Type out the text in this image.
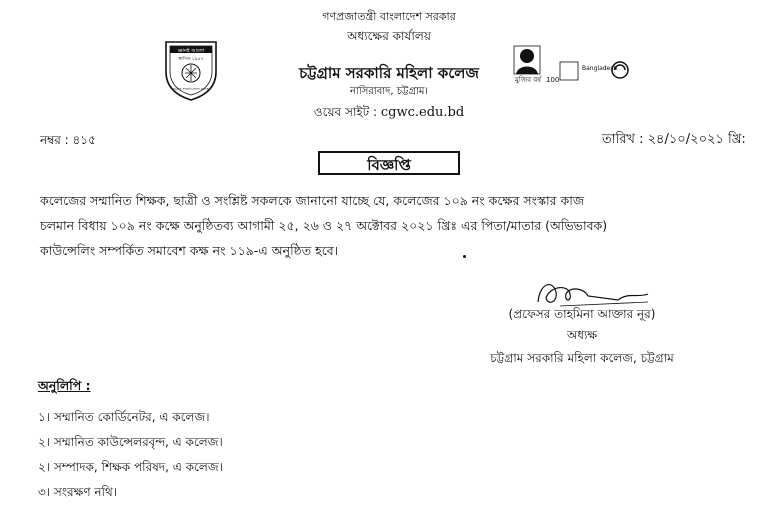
জ্ঞানই আলো
স্থাপিত ১৯৫৭
চট্টগ্রাম সরকারি মহিলা কলেজ
গণপ্রজাতন্ত্রী বাংলাদেশ সরকার
অধ্যক্ষের কার্যালয়
চট্টগ্রাম সরকারি মহিলা কলেজ
নাসিরাবাদ, চট্টগ্রাম।
ওয়েব সাইট : cgwc.edu.bd
মুজিব বর্ষ 100
Bangladesh
নম্বর : ৪১৫	তারিখ : ২৪/১০/২০২১ খ্রি:
বিজ্ঞপ্তি
কলেজের সম্মানিত শিক্ষক, ছাত্রী ও সংশ্লিষ্ট সকলকে জানানো যাচ্ছে যে, কলেজের ১০৯ নং কক্ষের সংস্কার কাজ
চলমান বিধায় ১০৯ নং কক্ষে অনুষ্ঠিতব্য আগামী ২৫, ২৬ ও ২৭ অক্টোবর ২০২১ খ্রিঃ এর পিতা/মাতার (অভিভাবক)
কাউন্সেলিং সম্পর্কিত সমাবেশ কক্ষ নং ১১৯-এ অনুষ্ঠিত হবে।
(প্রফেসর তাহমিনা আক্তার নূর)
অধ্যক্ষ
চট্টগ্রাম সরকারি মহিলা কলেজ, চট্টগ্রাম
অনুলিপি :
১। সম্মানিত কোর্ডিনেটর, এ কলেজ।
২। সম্মানিত কাউন্সেলরবৃন্দ, এ কলেজ।
২। সম্পাদক, শিক্ষক পরিষদ, এ কলেজ।
৩। সংরক্ষণ নথি।
